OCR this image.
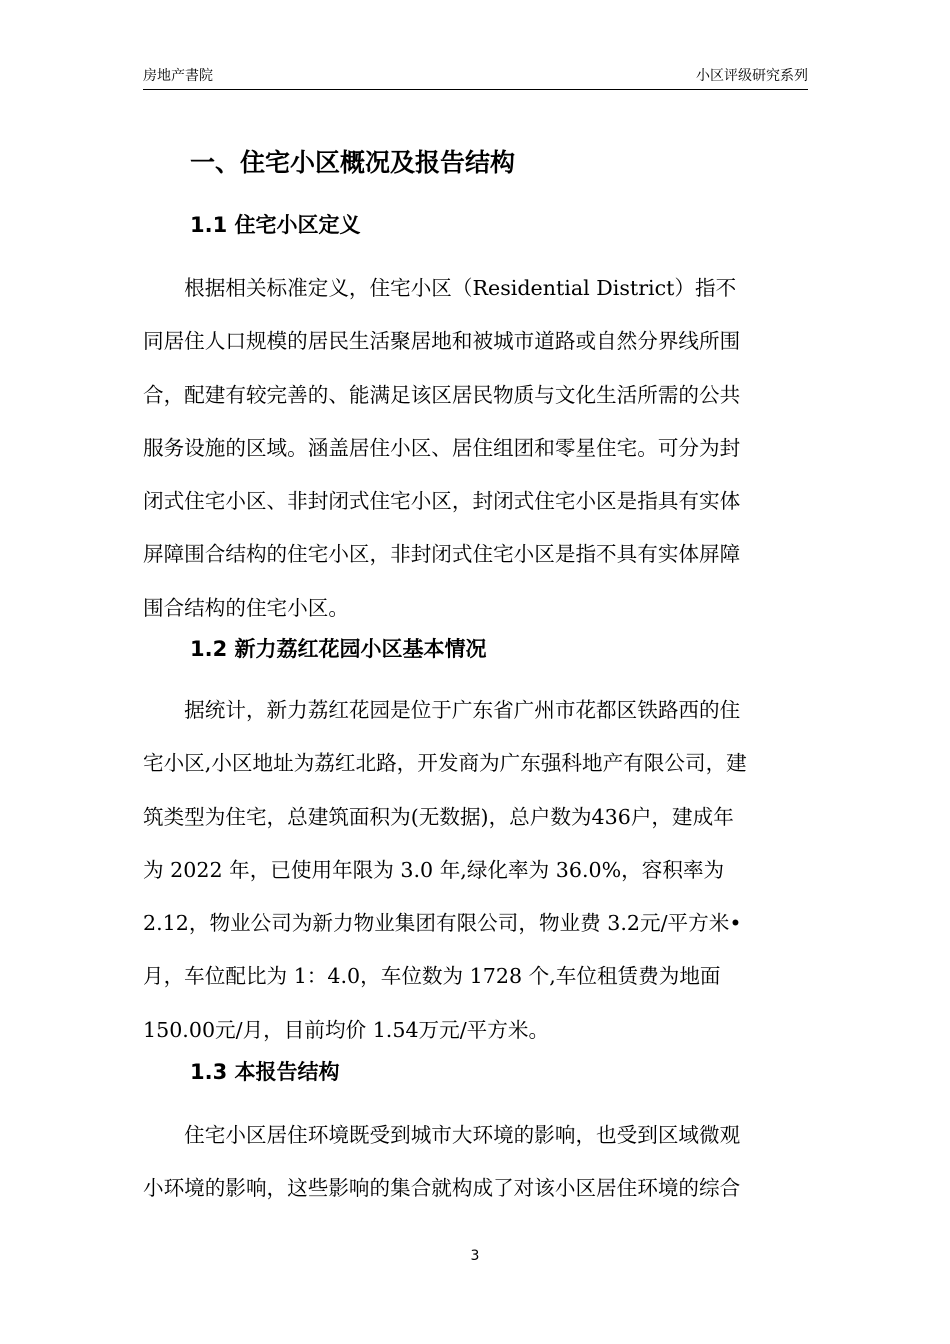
房地产書院	小区评级研究系列
一、住宅小区概况及报告结构
1.1 住宅小区定义
　　根据相关标准定义，住宅小区（Residential District）指不
同居住人口规模的居民生活聚居地和被城市道路或自然分界线所围
合，配建有较完善的、能满足该区居民物质与文化生活所需的公共
服务设施的区域。涵盖居住小区、居住组团和零星住宅。可分为封
闭式住宅小区、非封闭式住宅小区，封闭式住宅小区是指具有实体
屏障围合结构的住宅小区，非封闭式住宅小区是指不具有实体屏障
围合结构的住宅小区。
1.2 新力荔红花园小区基本情况
　　据统计，新力荔红花园是位于广东省广州市花都区铁路西的住
宅小区,小区地址为荔红北路，开发商为广东强科地产有限公司，建
筑类型为住宅，总建筑面积为(无数据)，总户数为436户，建成年
为 2022 年，已使用年限为 3.0 年,绿化率为 36.0%，容积率为
2.12，物业公司为新力物业集团有限公司，物业费 3.2元/平方米•
月，车位配比为 1：4.0，车位数为 1728 个,车位租赁费为地面
150.00元/月，目前均价 1.54万元/平方米。
1.3 本报告结构
　　住宅小区居住环境既受到城市大环境的影响，也受到区域微观
小环境的影响，这些影响的集合就构成了对该小区居住环境的综合
3
